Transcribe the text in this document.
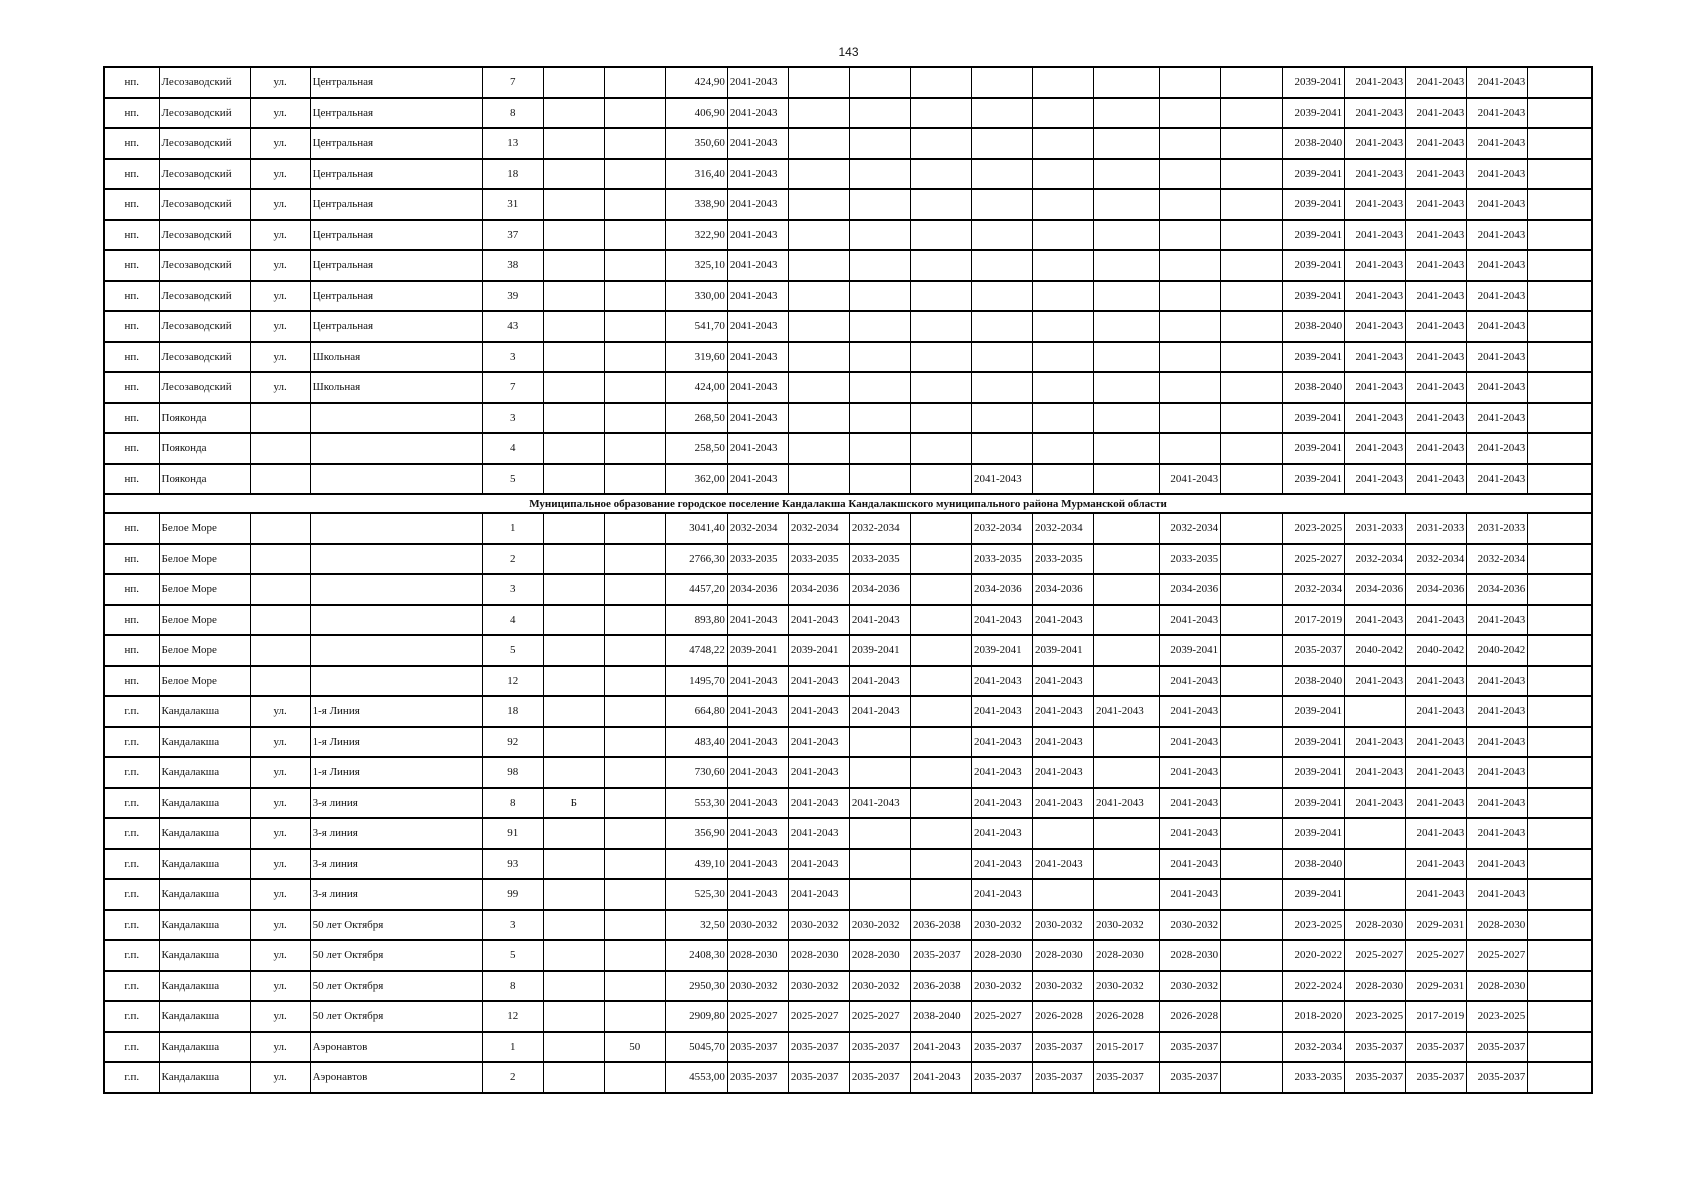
143
нп.	Лесозаводский	ул.	Центральная	7			424,90	2041-2043									2039-2041	2041-2043	2041-2043	2041-2043	
нп.	Лесозаводский	ул.	Центральная	8			406,90	2041-2043									2039-2041	2041-2043	2041-2043	2041-2043	
нп.	Лесозаводский	ул.	Центральная	13			350,60	2041-2043									2038-2040	2041-2043	2041-2043	2041-2043	
нп.	Лесозаводский	ул.	Центральная	18			316,40	2041-2043									2039-2041	2041-2043	2041-2043	2041-2043	
нп.	Лесозаводский	ул.	Центральная	31			338,90	2041-2043									2039-2041	2041-2043	2041-2043	2041-2043	
нп.	Лесозаводский	ул.	Центральная	37			322,90	2041-2043									2039-2041	2041-2043	2041-2043	2041-2043	
нп.	Лесозаводский	ул.	Центральная	38			325,10	2041-2043									2039-2041	2041-2043	2041-2043	2041-2043	
нп.	Лесозаводский	ул.	Центральная	39			330,00	2041-2043									2039-2041	2041-2043	2041-2043	2041-2043	
нп.	Лесозаводский	ул.	Центральная	43			541,70	2041-2043									2038-2040	2041-2043	2041-2043	2041-2043	
нп.	Лесозаводский	ул.	Школьная	3			319,60	2041-2043									2039-2041	2041-2043	2041-2043	2041-2043	
нп.	Лесозаводский	ул.	Школьная	7			424,00	2041-2043									2038-2040	2041-2043	2041-2043	2041-2043	
нп.	Пояконда			3			268,50	2041-2043									2039-2041	2041-2043	2041-2043	2041-2043	
нп.	Пояконда			4			258,50	2041-2043									2039-2041	2041-2043	2041-2043	2041-2043	
нп.	Пояконда			5			362,00	2041-2043				2041-2043			2041-2043		2039-2041	2041-2043	2041-2043	2041-2043	
Муниципальное образование городское поселение Кандалакша Кандалакшского муниципального района Мурманской области																					
нп.	Белое Море			1			3041,40	2032-2034	2032-2034	2032-2034		2032-2034	2032-2034		2032-2034		2023-2025	2031-2033	2031-2033	2031-2033	
нп.	Белое Море			2			2766,30	2033-2035	2033-2035	2033-2035		2033-2035	2033-2035		2033-2035		2025-2027	2032-2034	2032-2034	2032-2034	
нп.	Белое Море			3			4457,20	2034-2036	2034-2036	2034-2036		2034-2036	2034-2036		2034-2036		2032-2034	2034-2036	2034-2036	2034-2036	
нп.	Белое Море			4			893,80	2041-2043	2041-2043	2041-2043		2041-2043	2041-2043		2041-2043		2017-2019	2041-2043	2041-2043	2041-2043	
нп.	Белое Море			5			4748,22	2039-2041	2039-2041	2039-2041		2039-2041	2039-2041		2039-2041		2035-2037	2040-2042	2040-2042	2040-2042	
нп.	Белое Море			12			1495,70	2041-2043	2041-2043	2041-2043		2041-2043	2041-2043		2041-2043		2038-2040	2041-2043	2041-2043	2041-2043	
г.п.	Кандалакша	ул.	1-я Линия	18			664,80	2041-2043	2041-2043	2041-2043		2041-2043	2041-2043	2041-2043	2041-2043		2039-2041		2041-2043	2041-2043	
г.п.	Кандалакша	ул.	1-я Линия	92			483,40	2041-2043	2041-2043			2041-2043	2041-2043		2041-2043		2039-2041	2041-2043	2041-2043	2041-2043	
г.п.	Кандалакша	ул.	1-я Линия	98			730,60	2041-2043	2041-2043			2041-2043	2041-2043		2041-2043		2039-2041	2041-2043	2041-2043	2041-2043	
г.п.	Кандалакша	ул.	3-я линия	8	Б		553,30	2041-2043	2041-2043	2041-2043		2041-2043	2041-2043	2041-2043	2041-2043		2039-2041	2041-2043	2041-2043	2041-2043	
г.п.	Кандалакша	ул.	3-я линия	91			356,90	2041-2043	2041-2043			2041-2043			2041-2043		2039-2041		2041-2043	2041-2043	
г.п.	Кандалакша	ул.	3-я линия	93			439,10	2041-2043	2041-2043			2041-2043	2041-2043		2041-2043		2038-2040		2041-2043	2041-2043	
г.п.	Кандалакша	ул.	3-я линия	99			525,30	2041-2043	2041-2043			2041-2043			2041-2043		2039-2041		2041-2043	2041-2043	
г.п.	Кандалакша	ул.	50 лет Октября	3			32,50	2030-2032	2030-2032	2030-2032	2036-2038	2030-2032	2030-2032	2030-2032	2030-2032		2023-2025	2028-2030	2029-2031	2028-2030	
г.п.	Кандалакша	ул.	50 лет Октября	5			2408,30	2028-2030	2028-2030	2028-2030	2035-2037	2028-2030	2028-2030	2028-2030	2028-2030		2020-2022	2025-2027	2025-2027	2025-2027	
г.п.	Кандалакша	ул.	50 лет Октября	8			2950,30	2030-2032	2030-2032	2030-2032	2036-2038	2030-2032	2030-2032	2030-2032	2030-2032		2022-2024	2028-2030	2029-2031	2028-2030	
г.п.	Кандалакша	ул.	50 лет Октября	12			2909,80	2025-2027	2025-2027	2025-2027	2038-2040	2025-2027	2026-2028	2026-2028	2026-2028		2018-2020	2023-2025	2017-2019	2023-2025	
г.п.	Кандалакша	ул.	Аэронавтов	1		50	5045,70	2035-2037	2035-2037	2035-2037	2041-2043	2035-2037	2035-2037	2015-2017	2035-2037		2032-2034	2035-2037	2035-2037	2035-2037	
г.п.	Кандалакша	ул.	Аэронавтов	2			4553,00	2035-2037	2035-2037	2035-2037	2041-2043	2035-2037	2035-2037	2035-2037	2035-2037		2033-2035	2035-2037	2035-2037	2035-2037	
